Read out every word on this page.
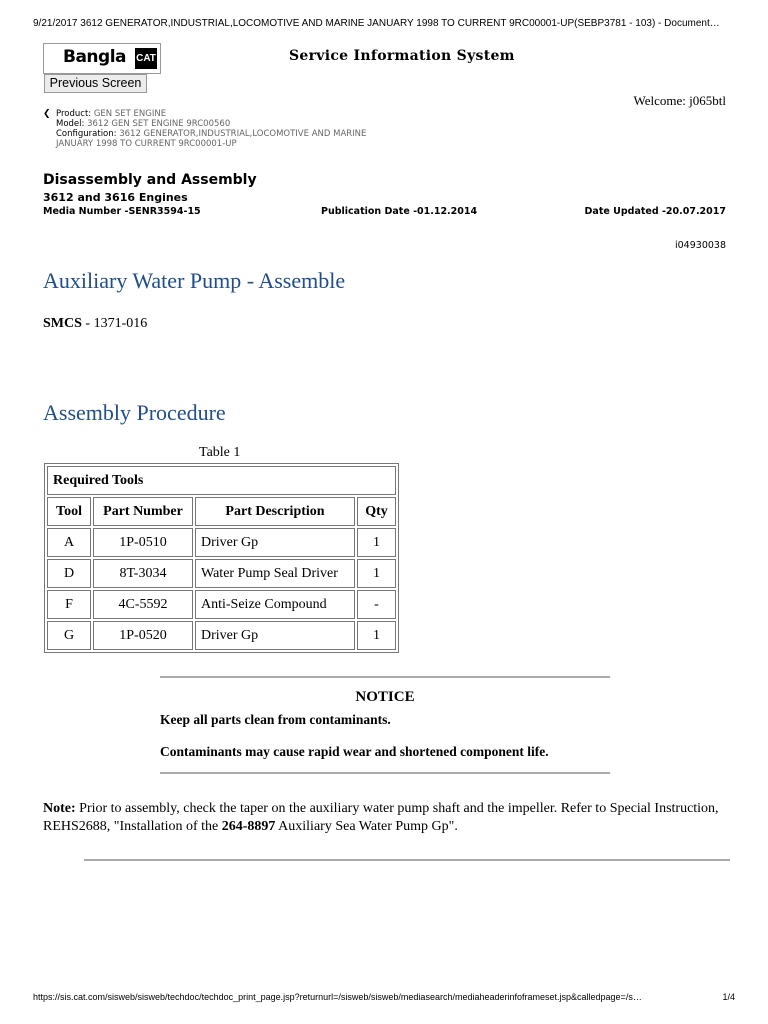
9/21/2017 3612 GENERATOR,INDUSTRIAL,LOCOMOTIVE AND MARINE JANUARY 1998 TO CURRENT 9RC00001-UP(SEBP3781 - 103) - Document…
Bangla CAT
Previous Screen
Service Information System
Welcome: j065btl
❮ Product: GEN SET ENGINE
Model: 3612 GEN SET ENGINE 9RC00560
Configuration: 3612 GENERATOR,INDUSTRIAL,LOCOMOTIVE AND MARINE
JANUARY 1998 TO CURRENT 9RC00001-UP
Disassembly and Assembly
3612 and 3616 Engines
Media Number -SENR3594-15	Publication Date -01.12.2014	Date Updated -20.07.2017
i04930038
Auxiliary Water Pump - Assemble
SMCS - 1371-016
Assembly Procedure
Table 1
Required Tools			
Tool	Part Number	Part Description	Qty
A	1P-0510	Driver Gp	1
D	8T-3034	Water Pump Seal Driver	1
F	4C-5592	Anti-Seize Compound	-
G	1P-0520	Driver Gp	1
NOTICE
Keep all parts clean from contaminants.
Contaminants may cause rapid wear and shortened component life.
Note: Prior to assembly, check the taper on the auxiliary water pump shaft and the impeller. Refer to Special Instruction, REHS2688, "Installation of the 264-8897 Auxiliary Sea Water Pump Gp".
https://sis.cat.com/sisweb/sisweb/techdoc/techdoc_print_page.jsp?returnurl=/sisweb/sisweb/mediasearch/mediaheaderinfoframeset.jsp&calledpage=/s…	1/4
